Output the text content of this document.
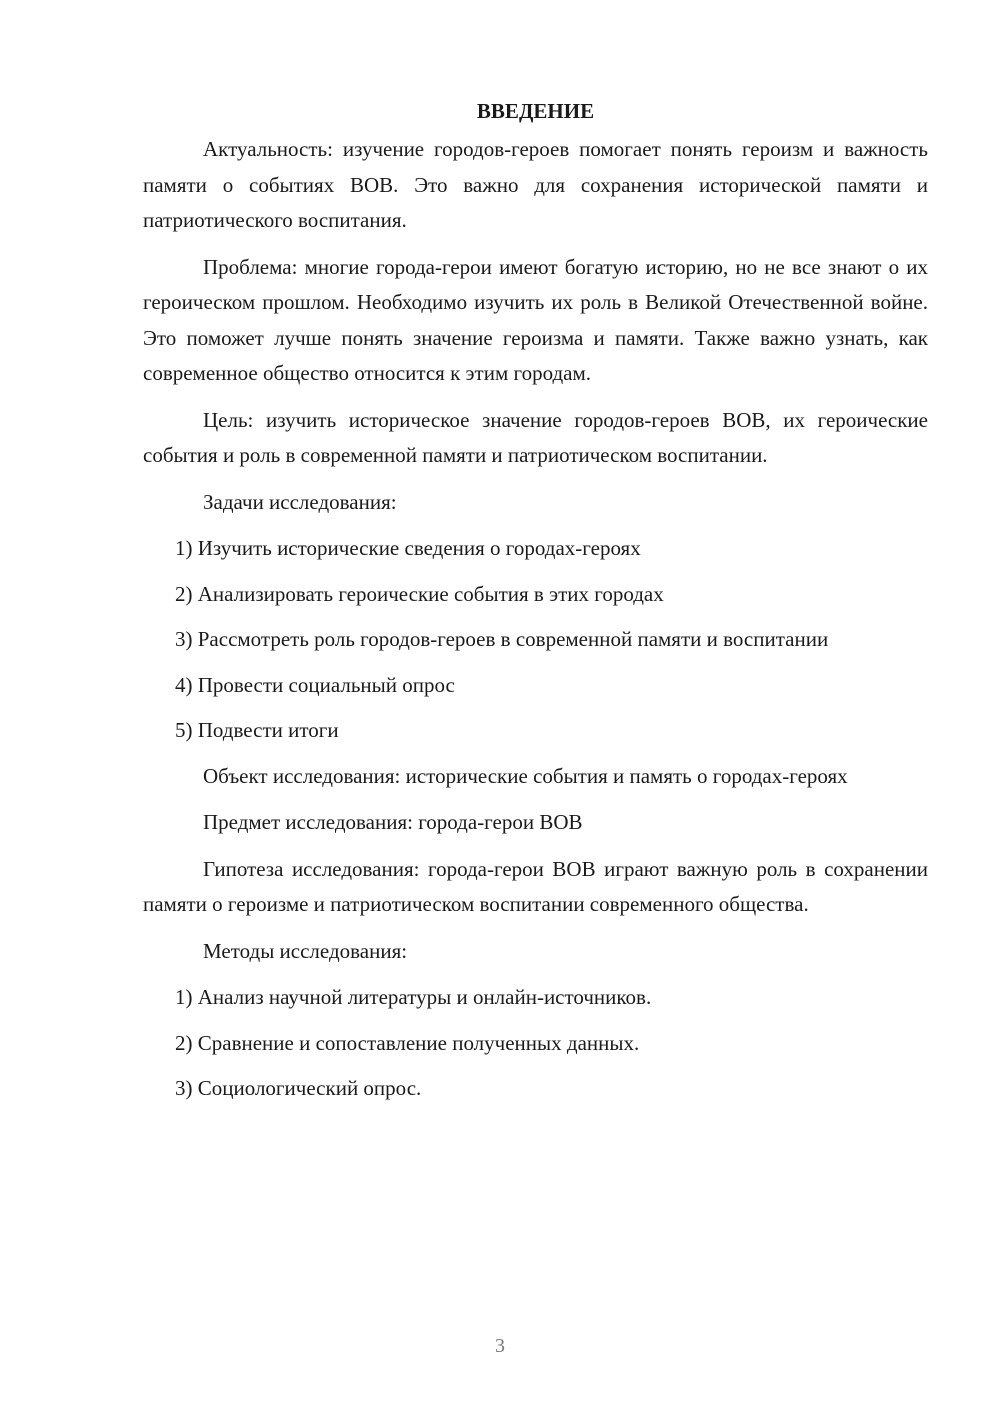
ВВЕДЕНИЕ

Актуальность: изучение городов-героев помогает понять героизм и важность памяти о событиях ВОВ. Это важно для сохранения исторической памяти и патриотического воспитания.

Проблема: многие города-герои имеют богатую историю, но не все знают о их героическом прошлом. Необходимо изучить их роль в Великой Отечественной войне. Это поможет лучше понять значение героизма и памяти. Также важно узнать, как современное общество относится к этим городам.

Цель: изучить историческое значение городов-героев ВОВ, их героические события и роль в современной памяти и патриотическом воспитании.

Задачи исследования:

1) Изучить исторические сведения о городах-героях

2) Анализировать героические события в этих городах

3) Рассмотреть роль городов-героев в современной памяти и воспитании

4) Провести социальный опрос

5) Подвести итоги

Объект исследования: исторические события и память о городах-героях

Предмет исследования: города-герои ВОВ

Гипотеза исследования: города-герои ВОВ играют важную роль в сохранении памяти о героизме и патриотическом воспитании современного общества.

Методы исследования:

1) Анализ научной литературы и онлайн-источников.

2) Сравнение и сопоставление полученных данных.

3) Социологический опрос.

3
